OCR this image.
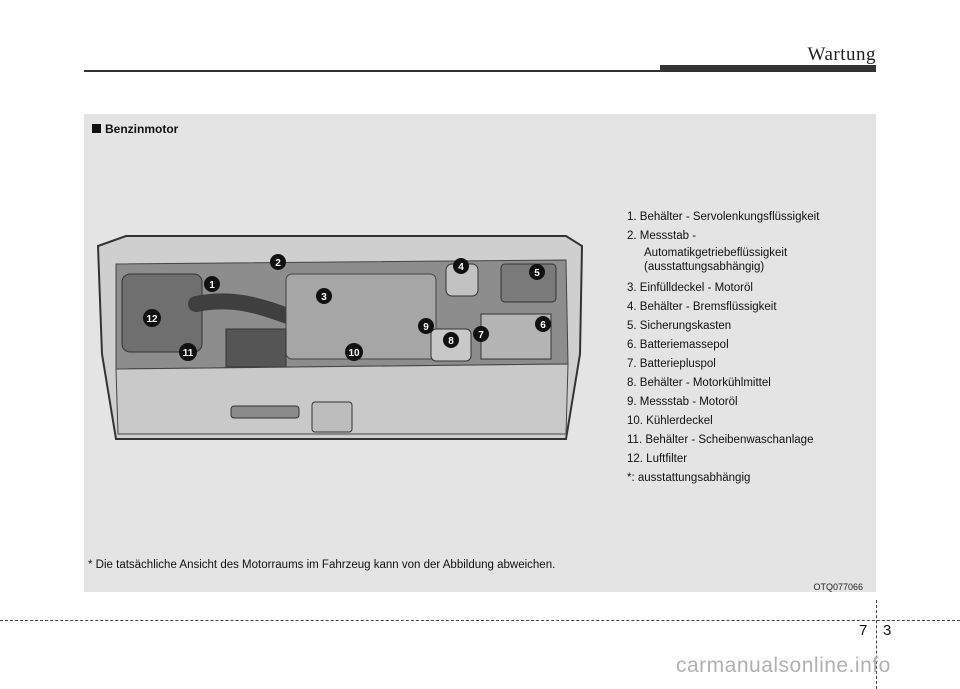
Wartung
Benzinmotor
1
2
3
4
5
6
7
8
9
10
11
12
1. Behälter - Servolenkungsflüssigkeit
2. Messstab -
Automatikgetriebeflüssigkeit
(ausstattungsabhängig)
3. Einfülldeckel - Motoröl
4. Behälter - Bremsflüssigkeit
5. Sicherungskasten
6. Batteriemassepol
7. Batteriepluspol
8. Behälter - Motorkühlmittel
9. Messstab - Motoröl
10. Kühlerdeckel
11. Behälter - Scheibenwaschanlage
12. Luftfilter
*: ausstattungsabhängig
* Die tatsächliche Ansicht des Motorraums im Fahrzeug kann von der Abbildung abweichen.
OTQ077066
7 3
carmanualsonline.info
